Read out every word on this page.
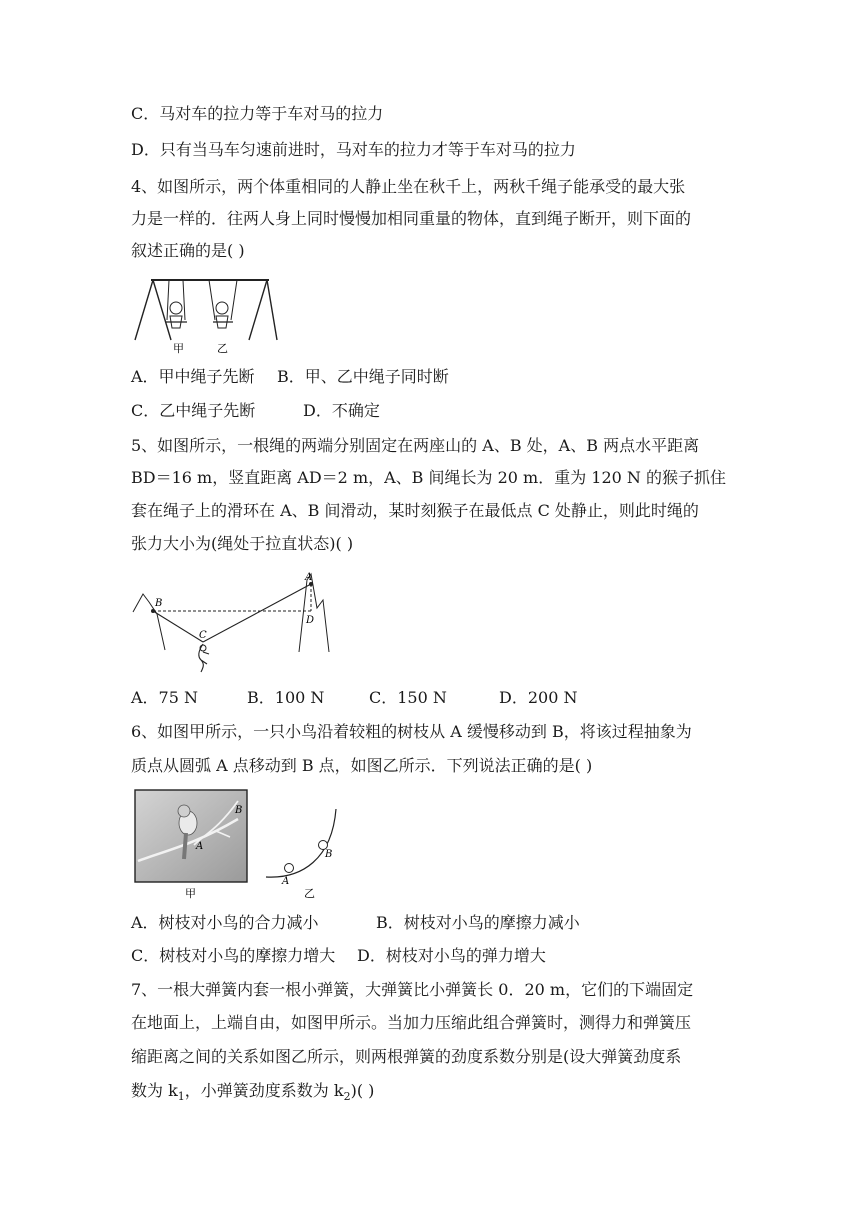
C．马对车的拉力等于车对马的拉力
D．只有当马车匀速前进时，马对车的拉力才等于车对马的拉力
4、如图所示，两个体重相同的人静止坐在秋千上，两秋千绳子能承受的最大张
力是一样的．往两人身上同时慢慢加相同重量的物体，直到绳子断开，则下面的
叙述正确的是( )
甲	乙
A．甲中绳子先断 B．甲、乙中绳子同时断
C．乙中绳子先断	D．不确定
5、如图所示，一根绳的两端分别固定在两座山的 A、B 处，A、B 两点水平距离
BD＝16 m，竖直距离 AD＝2 m，A、B 间绳长为 20 m．重为 120 N 的猴子抓住
套在绳子上的滑环在 A、B 间滑动，某时刻猴子在最低点 C 处静止，则此时绳的
张力大小为(绳处于拉直状态)( )
B
A
C
D
A．75 N	B．100 N	C．150 N	D．200 N
6、如图甲所示，一只小鸟沿着较粗的树枝从 A 缓慢移动到 B，将该过程抽象为
质点从圆弧 A 点移动到 B 点，如图乙所示．下列说法正确的是( )
B
A
甲
A
B
乙
A．树枝对小鸟的合力减小	B．树枝对小鸟的摩擦力减小
C．树枝对小鸟的摩擦力增大 D．树枝对小鸟的弹力增大
7、一根大弹簧内套一根小弹簧，大弹簧比小弹簧长 0．20 m，它们的下端固定
在地面上，上端自由，如图甲所示。当加力压缩此组合弹簧时，测得力和弹簧压
缩距离之间的关系如图乙所示，则两根弹簧的劲度系数分别是(设大弹簧劲度系
数为 $k_1$，小弹簧劲度系数为 $k_2$)( )
